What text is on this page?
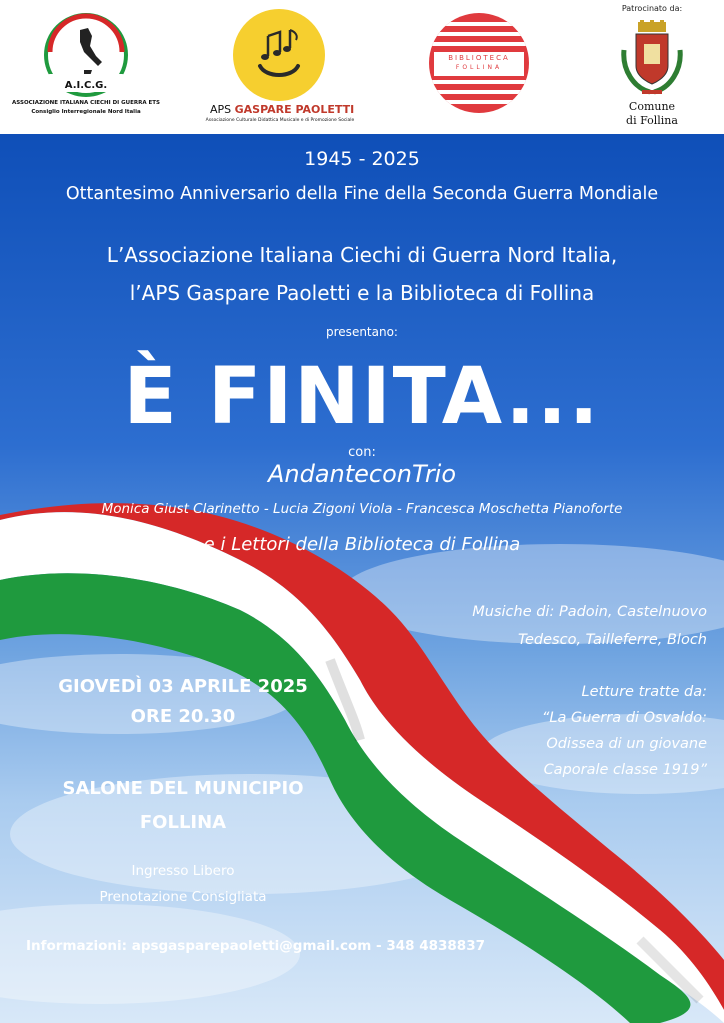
A.I.C.G.
ASSOCIAZIONE ITALIANA CIECHI DI GUERRA ETS
Consiglio Interregionale Nord Italia	APS GASPARE PAOLETTI
Associazione Culturale Didattica Musicale e di Promozione Sociale
BIBLIOTECA
FOLLINA
Patrocinato da:
Comune
di Follina
1945 - 2025
Ottantesimo Anniversario della Fine della Seconda Guerra Mondiale
L’Associazione Italiana Ciechi di Guerra Nord Italia,
l’APS Gaspare Paoletti e la Biblioteca di Follina
presentano:
È FINITA...
con:
AndanteconTrio
Monica Giust Clarinetto - Lucia Zigoni Viola - Francesca Moschetta Pianoforte
e i Lettori della Biblioteca di Follina
Musiche di: Padoin, Castelnuovo
Tedesco, Tailleferre, Bloch
GIOVEDÌ 03 APRILE 2025
ORE 20.30
Letture tratte da:
“La Guerra di Osvaldo:
Odissea di un giovane
Caporale classe 1919”
SALONE DEL MUNICIPIO
FOLLINA
Ingresso Libero
Prenotazione Consigliata
Informazioni: apsgasparepaoletti@gmail.com - 348 4838837
